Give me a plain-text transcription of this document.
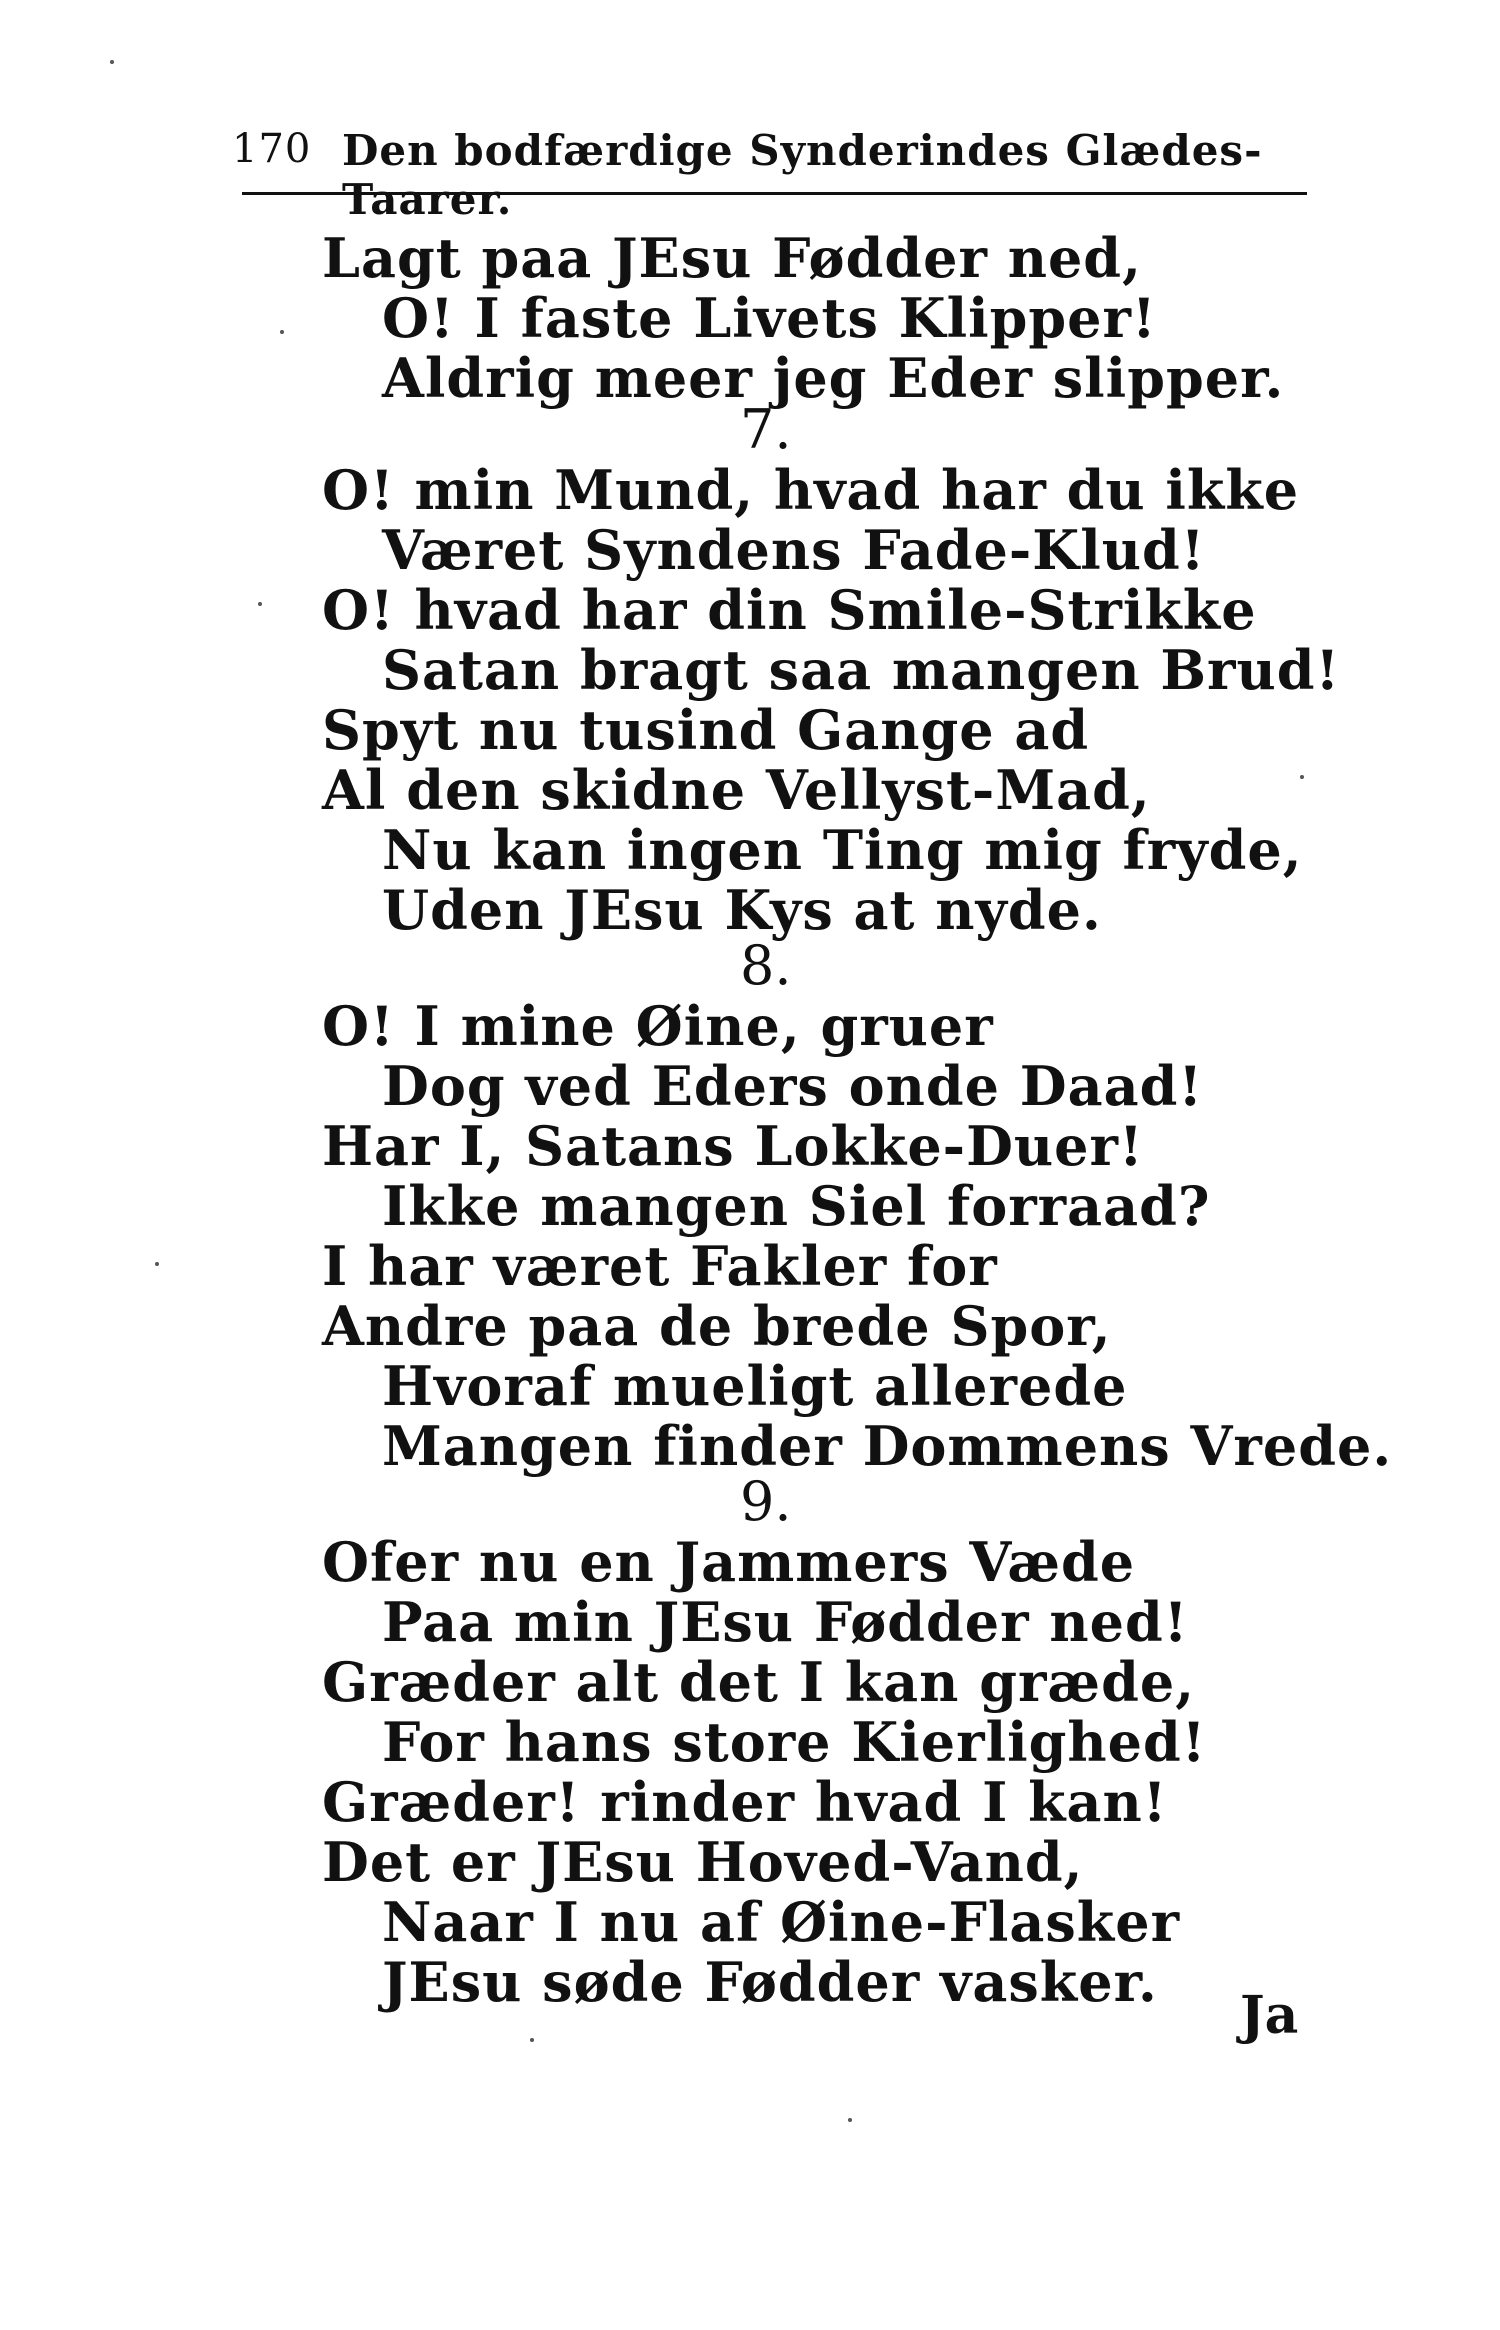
170 Den bodfærdige Synderindes Glædes-Taarer.
Lagt paa JEsu Fødder ned,
O! I faste Livets Klipper!
Aldrig meer jeg Eder slipper.
7.
O! min Mund, hvad har du ikke
Været Syndens Fade-Klud!
O! hvad har din Smile-Strikke
Satan bragt saa mangen Brud!
Spyt nu tusind Gange ad
Al den skidne Vellyst-Mad,
Nu kan ingen Ting mig fryde,
Uden JEsu Kys at nyde.
8.
O! I mine Øine, gruer
Dog ved Eders onde Daad!
Har I, Satans Lokke-Duer!
Ikke mangen Siel forraad?
I har været Fakler for
Andre paa de brede Spor,
Hvoraf mueligt allerede
Mangen finder Dommens Vrede.
9.
Ofer nu en Jammers Væde
Paa min JEsu Fødder ned!
Græder alt det I kan græde,
For hans store Kierlighed!
Græder! rinder hvad I kan!
Det er JEsu Hoved-Vand,
Naar I nu af Øine-Flasker
JEsu søde Fødder vasker.
Ja
